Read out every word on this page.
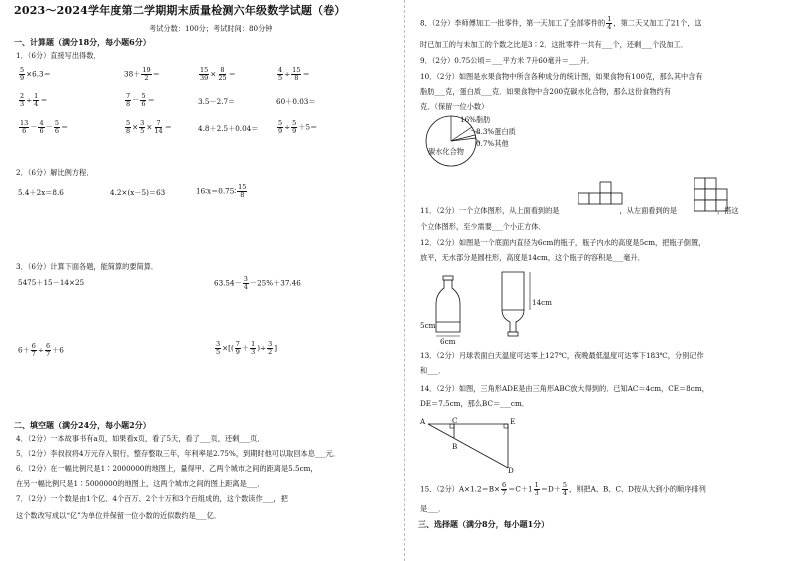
2023～2024学年度第二学期期末质量检测六年级数学试题（卷）
考试分数：100分；考试时间：80分钟
一、计算题（满分18分，每小题6分）
1．（6分）直接写出得数．
$\frac{5}{9} \times 6.3=$	$38+ \frac{19}{2}$ ＝	$\frac{15}{39} \times \frac{8}{25}$ ＝	$\frac{4}{5} \div \frac{15}{8}$ ＝
$\frac{2}{3} \div \frac{1}{4}$ ＝	$\frac{7}{8} - \frac{5}{6}$ ＝	3.5－2.7＝	60＋0.03＝
$\frac{13}{6} - \frac{4}{6} - \frac{5}{6}$ ＝	$\frac{5}{8} \times \frac{3}{5} \times \frac{7}{14}$ ＝	4.8＋2.5＋0.04＝	$\frac{5}{9} \div \frac{5}{9} +5=$
2．（6分）解比例方程．
5.4＋2x＝8.6	4.2×(x－5)＝63	16∶x＝0.75∶ $\frac{15}{8}$
3．（6分）计算下面各题，能简算的要简算．
5475＋15－14×25	$63.54- \frac{3}{4} -25\%+37.46$
$6+ \frac{6}{7} \div \frac{6}{7} +6$	$\frac{3}{5}$ ×[( $\frac{7}{9} + \frac{1}{3}$ )÷ $\frac{3}{2}$ ]
二、填空题（满分24分，每小题2分）
4．（2分）一本故事书有a页，如果看x页，看了5天，看了___页，还剩___页．
5．（2分）李叔叔将4万元存入银行，整存整取三年，年利率是2.75%，到期时他可以取回本息___元．
6．（2分）在一幅比例尺是1∶2000000的地图上，量得甲、乙两个城市之间的距离是5.5cm，
在另一幅比例尺是1∶5000000的地图上，这两个城市之间的图上距离是___．
7．（2分）一个数是由1个亿、4个百万、2个十万和3个百组成的，这个数读作___，把
这个数改写成以“亿”为单位并保留一位小数的近似数约是___亿．
8．（2分）李师傅加工一批零件，第一天加工了全部零件的 $\frac{1}{4}$ ，第二天又加工了21个，这
时已加工的与未加工的个数之比是3∶2．这批零件一共有___个，还剩___个没加工．
9．（2分）0.75公顷＝___平方米 7升60毫升＝___升．
10．（2分）如图是水果食物中所含各种成分的统计图，如果食物有100克，那么其中含有
脂肪___克，蛋白质___克．如果食物中含200克碳水化合物，那么这份食物约有
克．（保留一位小数）
16%脂肪
8.3%蛋白质
0.7%其他
碳水化合物
11．（2分）一个立体图形，从上面看到的是	，从左面看到的是	，搭这
个立体图形，至少需要___个小正方体．
12．（2分）如图是一个底面内直径为6cm的瓶子，瓶子内水的高度是5cm，把瓶子倒置，
放平，无水部分是圆柱形，高度是14cm，这个瓶子的容积是___毫升．
5cm
6cm
14cm
13．（2分）月球表面白天温度可达零上127℃，夜晚最低温度可达零下183℃，分别记作
和___．
14．（2分）如图，三角形ADE是由三角形ABC放大得到的．已知AC＝4cm，CE＝8cm，
DE＝7.5cm，那么BC＝___cm．
A	C	E
B
D
15．（2分）$A\times 1.2=B\times \frac{6}{7} =C+1 \frac{1}{3} =D+ \frac{5}{4}$ ，则把A、B、C、D按从大到小的顺序排列
是___．
三、选择题（满分8分，每小题1分）
